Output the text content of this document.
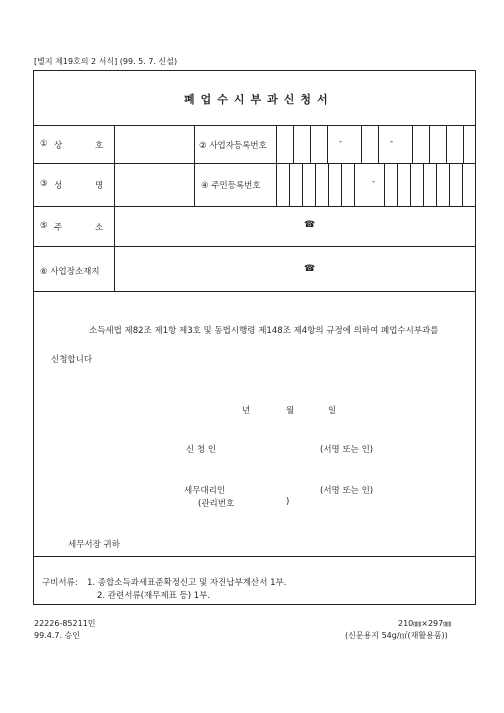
[별지 제19호의 2 서식] (99. 5. 7. 신설)
폐업수시부과신청서
① 상	호	② 사업자등록번호	-	-
③ 성	명	④ 주민등록번호	-
⑤ 주	소	☎
⑥ 사업장소재지	☎
소득세법 제82조 제1항 제3호 및 동법시행령 제148조 제4항의 규정에 의하여 폐업수시부과를
신청합니다
년	월	일
신 청 인	(서명 또는 인)
세무대리인	(서명 또는 인)
(관리번호	)
세무서장 귀하
구비서류: 1. 종합소득과세표준확정신고 및 자진납부계산서 1부.
2. 관련서류(재무제표 등) 1부.
22226-85211민
99.4.7. 승인
210㎜×297㎜
(신문용지 54g/㎡(재활용품))
